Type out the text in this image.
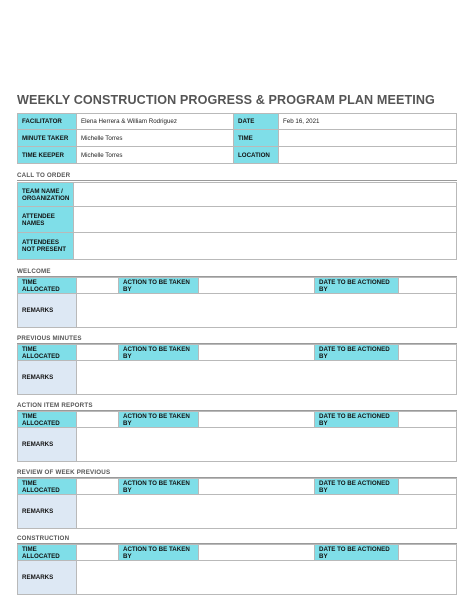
WEEKLY CONSTRUCTION PROGRESS & PROGRAM PLAN MEETING
FACILITATOR	Elena Herrera & William Rodriguez	DATE	Feb 16, 2021
MINUTE TAKER	Michelle Torres	TIME	
TIME KEEPER	Michelle Torres	LOCATION	
CALL TO ORDER
TEAM NAME / ORGANIZATION	
ATTENDEE NAMES	
ATTENDEES NOT PRESENT	
WELCOME
TIME ALLOCATED		ACTION TO BE TAKEN BY		DATE TO BE ACTIONED BY	
REMARKS					
PREVIOUS MINUTES
TIME ALLOCATED		ACTION TO BE TAKEN BY		DATE TO BE ACTIONED BY	
REMARKS					
ACTION ITEM REPORTS
TIME ALLOCATED		ACTION TO BE TAKEN BY		DATE TO BE ACTIONED BY	
REMARKS					
REVIEW OF WEEK PREVIOUS
TIME ALLOCATED		ACTION TO BE TAKEN BY		DATE TO BE ACTIONED BY	
REMARKS					
CONSTRUCTION
TIME ALLOCATED		ACTION TO BE TAKEN BY		DATE TO BE ACTIONED BY	
REMARKS					
